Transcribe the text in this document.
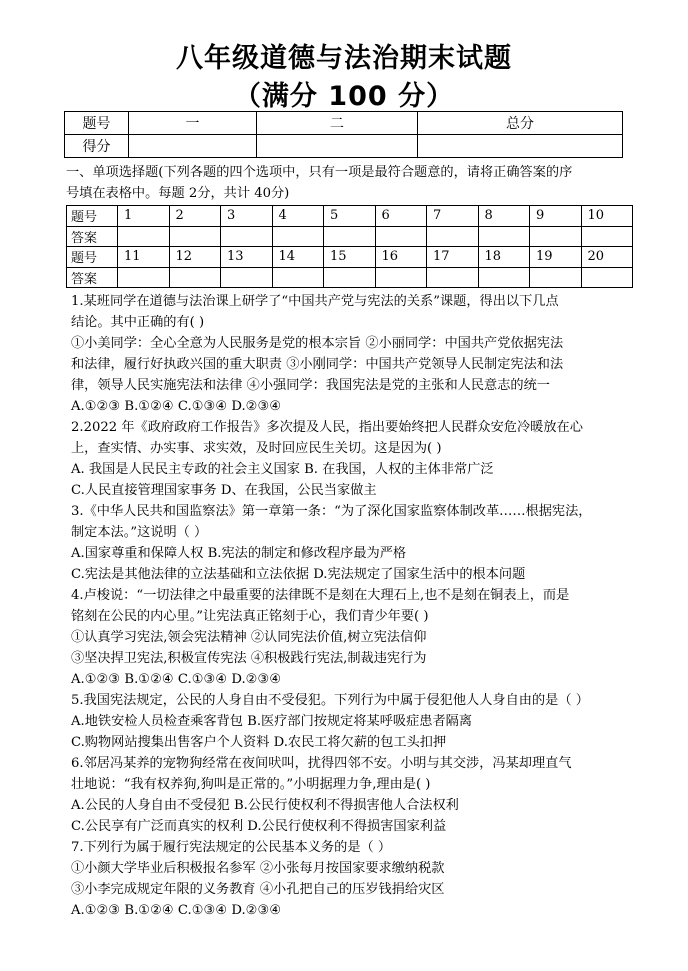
八年级道德与法治期末试题
（满分 100 分）
题号	一	二	总分
得分			
一、单项选择题(下列各题的四个选项中，只有一项是最符合题意的，请将正确答案的序
号填在表格中。每题 2分，共计 40分)
题号	1	2	3	4	5	6	7	8	9	10
答案										
题号	11	12	13	14	15	16	17	18	19	20
答案										
1.某班同学在道德与法治课上研学了“中国共产党与宪法的关系”课题，得出以下几点
结论。其中正确的有( )
①小美同学：全心全意为人民服务是党的根本宗旨 ②小丽同学：中国共产党依据宪法
和法律，履行好执政兴国的重大职责 ③小刚同学：中国共产党领导人民制定宪法和法
律，领导人民实施宪法和法律 ④小强同学：我国宪法是党的主张和人民意志的统一
A.①②③ B.①②④ C.①③④ D.②③④
2.2022 年《政府政府工作报告》多次提及人民，指出要始终把人民群众安危冷暖放在心
上，查实情、办实事、求实效，及时回应民生关切。这是因为( )
A. 我国是人民民主专政的社会主义国家 B. 在我国，人权的主体非常广泛
C.人民直接管理国家事务 D、在我国，公民当家做主
3.《中华人民共和国监察法》第一章第一条：“为了深化国家监察体制改革……根据宪法，
制定本法。”这说明（ ）
A.国家尊重和保障人权 B.宪法的制定和修改程序最为严格
C.宪法是其他法律的立法基础和立法依据 D.宪法规定了国家生活中的根本问题
4.卢梭说：“一切法律之中最重要的法律既不是刻在大理石上,也不是刻在铜表上，而是
铭刻在公民的内心里。”让宪法真正铭刻于心，我们青少年要( )
①认真学习宪法,领会宪法精神 ②认同宪法价值,树立宪法信仰
③坚决捍卫宪法,积极宣传宪法 ④积极践行宪法,制裁违宪行为
A.①②③ B.①②④ C.①③④ D.②③④
5.我国宪法规定，公民的人身自由不受侵犯。下列行为中属于侵犯他人人身自由的是（ ）
A.地铁安检人员检查乘客背包 B.医疗部门按规定将某呼吸症患者隔离
C.购物网站搜集出售客户个人资料 D.农民工将欠薪的包工头扣押
6.邻居冯某养的宠物狗经常在夜间吠叫，扰得四邻不安。小明与其交涉，冯某却理直气
壮地说：“我有权养狗,狗叫是正常的。”小明据理力争,理由是( )
A.公民的人身自由不受侵犯 B.公民行使权利不得损害他人合法权利
C.公民享有广泛而真实的权利 D.公民行使权利不得损害国家利益
7.下列行为属于履行宪法规定的公民基本义务的是（ ）
①小颜大学毕业后积极报名参军 ②小张每月按国家要求缴纳税款
③小李完成规定年限的义务教育 ④小孔把自己的压岁钱捐给灾区
A.①②③ B.①②④ C.①③④ D.②③④
